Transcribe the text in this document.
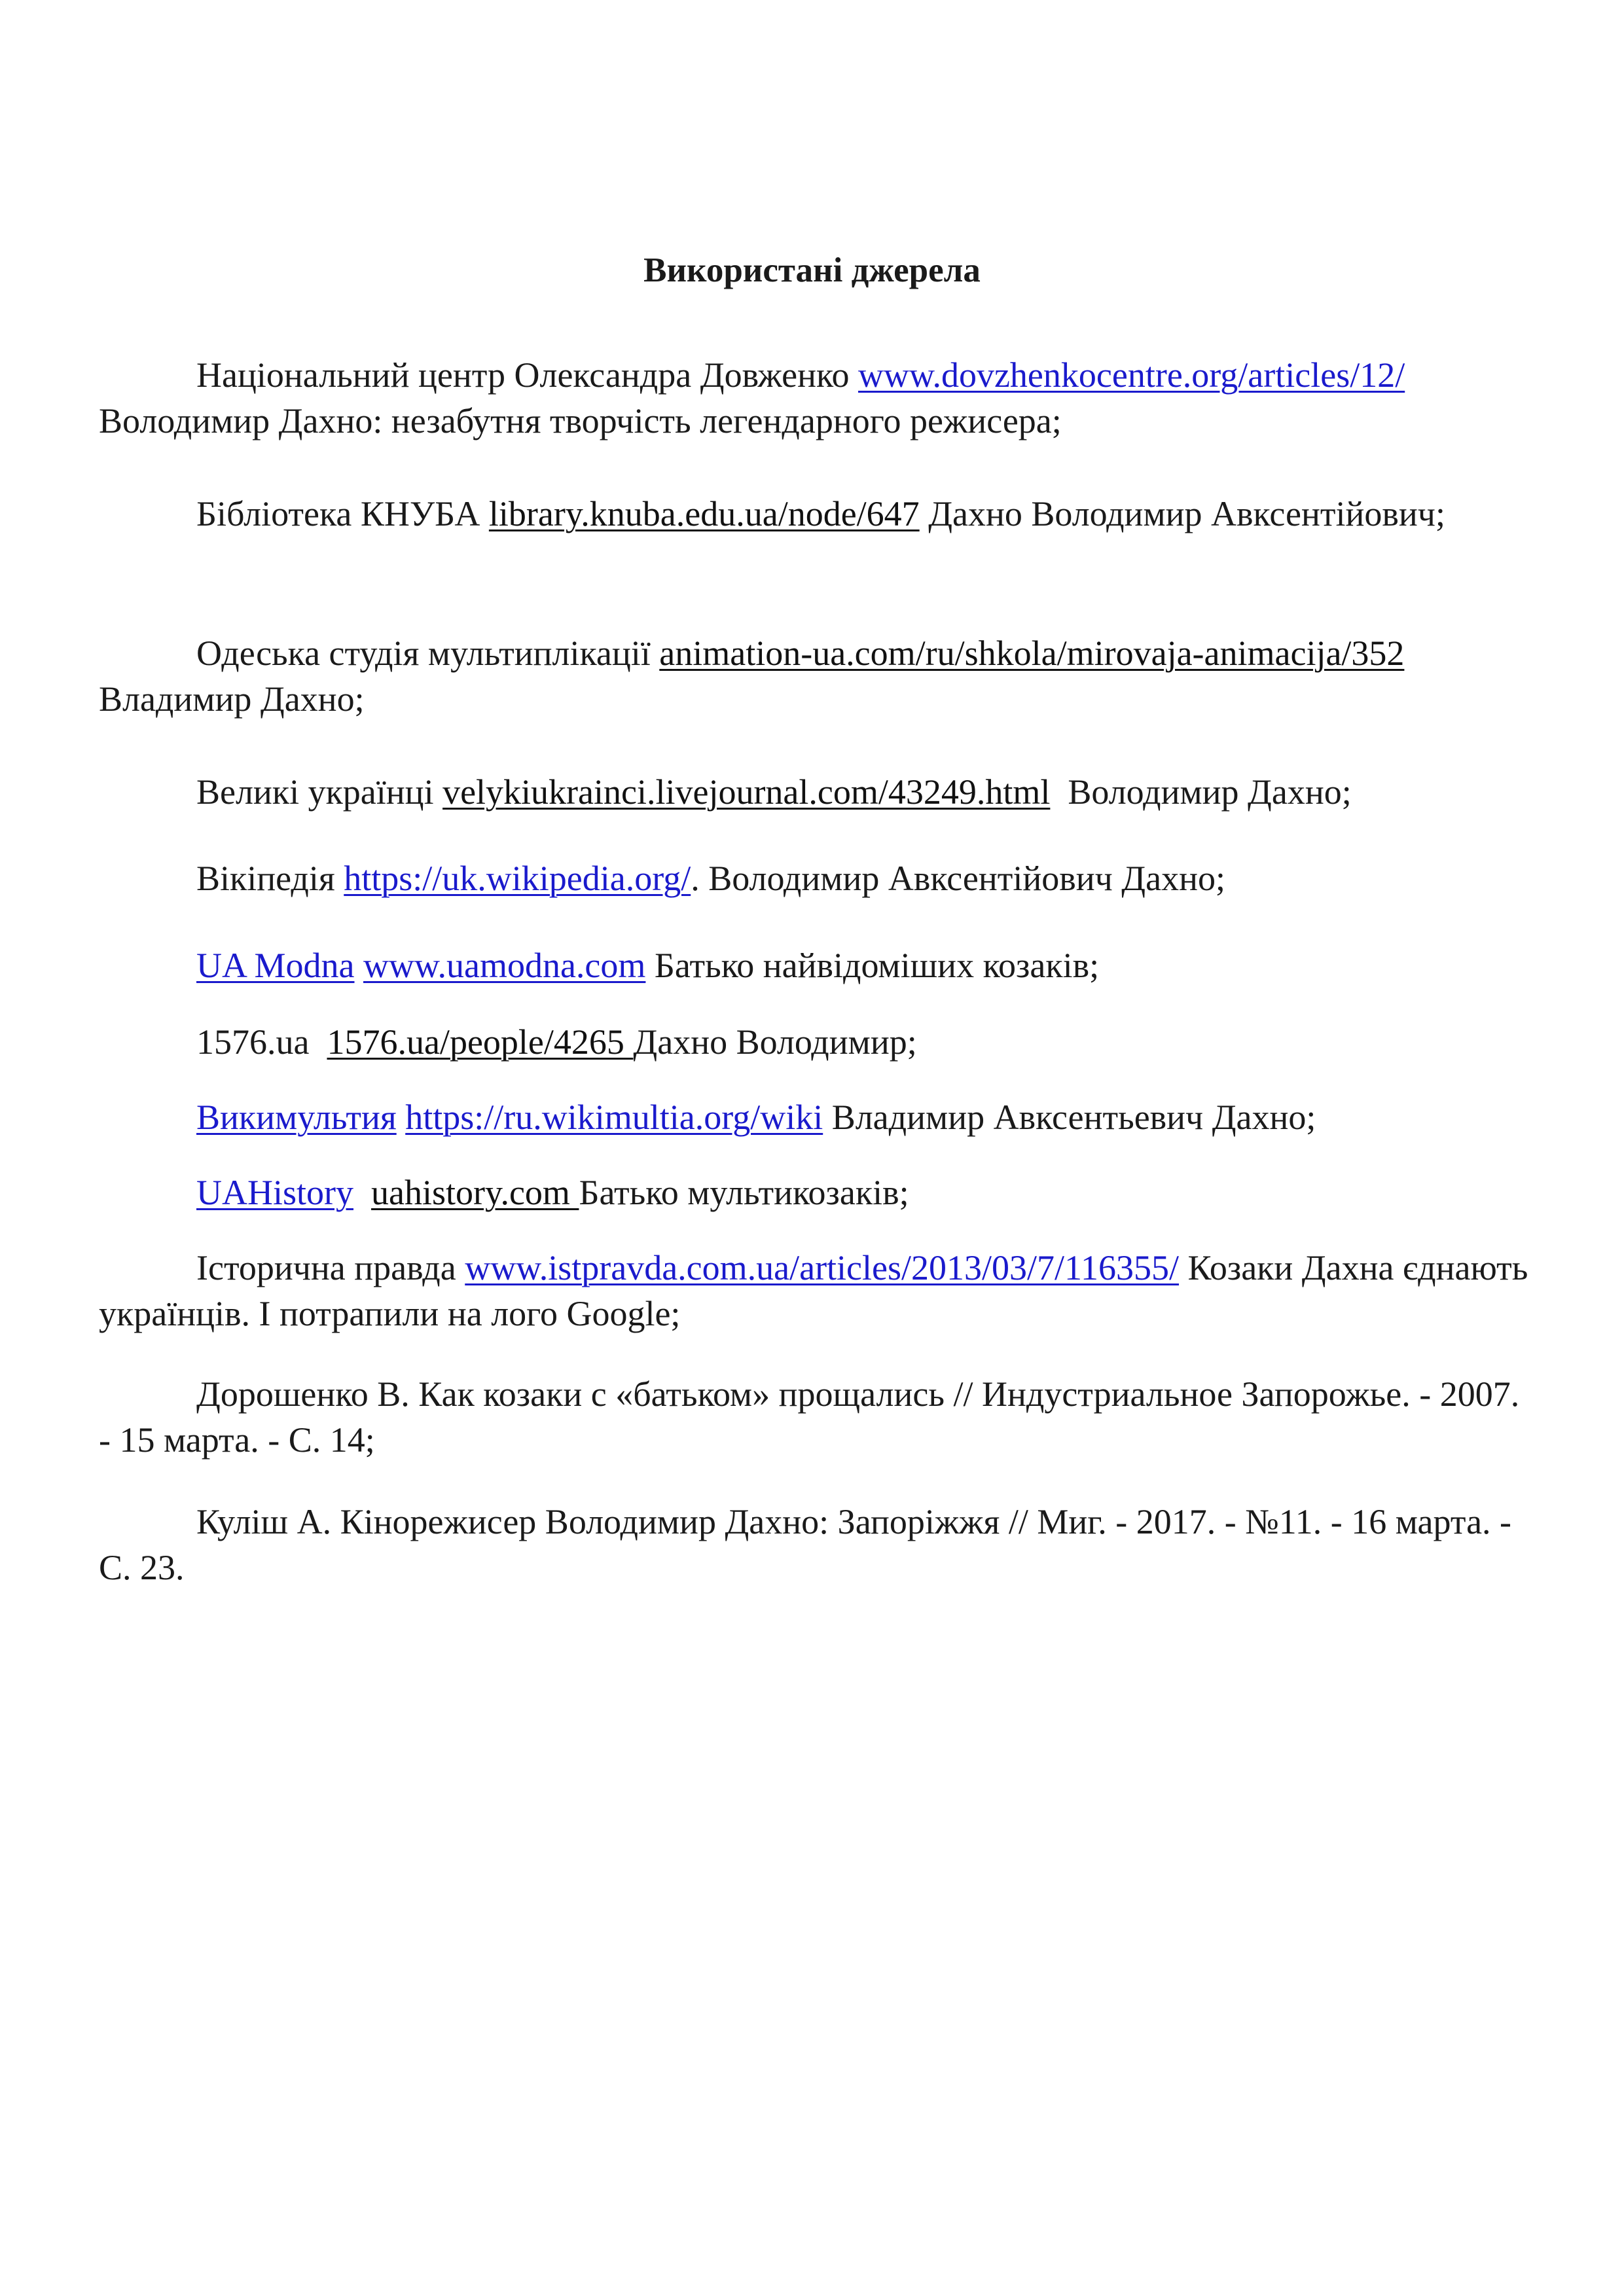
Використані джерела
Національний центр Олександра Довженко www.dovzhenkocentre.org/articles/12/ Володимир Дахно: незабутня творчість легендарного режисера;
Бібліотека КНУБА library.knuba.edu.ua/node/647 Дахно Володимир Авксентійович;
Одеська студія мультиплікації animation-ua.com/ru/shkola/mirovaja-animacija/352 Владимир Дахно;
Великі українці velykiukrainci.livejournal.com/43249.html  Володимир Дахно;
Вікіпедія https://uk.wikipedia.org/. Володимир Авксентійович Дахно;
UA Modna www.uamodna.com Батько найвідоміших козаків;
1576.ua  1576.ua/people/4265 Дахно Володимир;
Викимультия https://ru.wikimultia.org/wiki Владимир Авксентьевич Дахно;
UAHistory uahistory.com Батько мультикозаків;
Історична правда www.istpravda.com.ua/articles/2013/03/7/116355/ Козаки Дахна єднають українців. І потрапили на лого Google;
Дорошенко В. Как козаки с «батьком» прощались // Индустриальное Запорожье. - 2007. - 15 марта. - С. 14;
Куліш А. Кінорежисер Володимир Дахно: Запоріжжя // Миг. - 2017. - №11. - 16 марта. -  С. 23.
